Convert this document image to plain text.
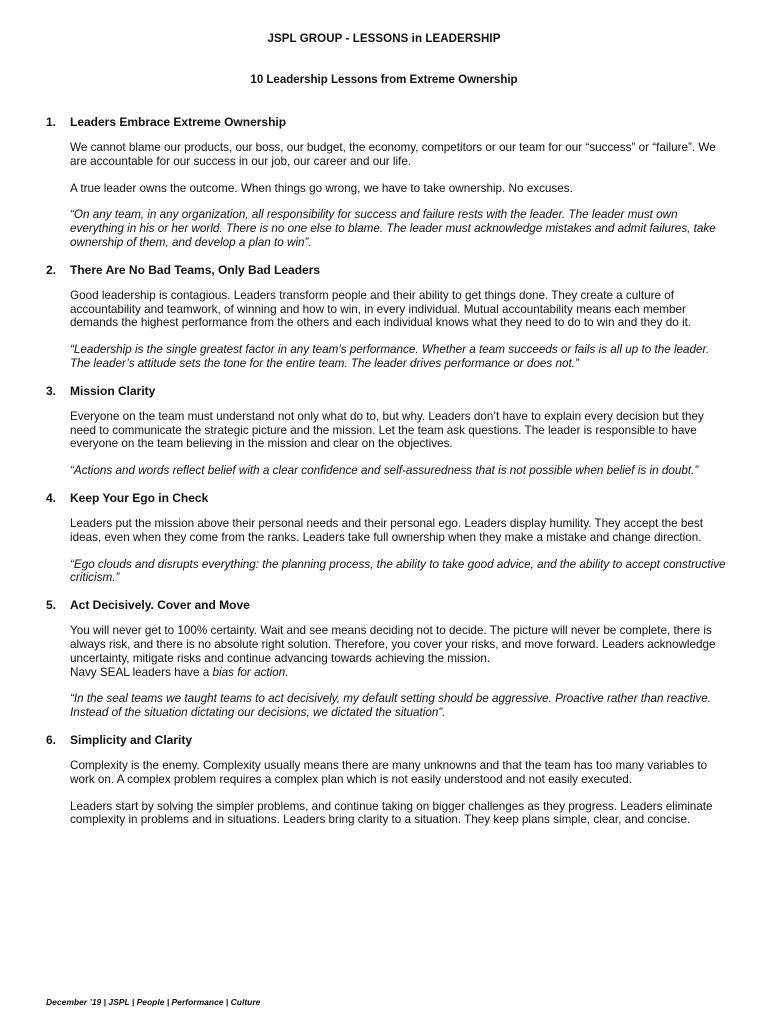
JSPL GROUP - LESSONS in LEADERSHIP
10 Leadership Lessons from Extreme Ownership
1.	Leaders Embrace Extreme Ownership

We cannot blame our products, our boss, our budget, the economy, competitors or our team for our “success” or “failure”. We are accountable for our success in our job, our career and our life.

A true leader owns the outcome. When things go wrong, we have to take ownership. No excuses.

“On any team, in any organization, all responsibility for success and failure rests with the leader. The leader must own everything in his or her world. There is no one else to blame. The leader must acknowledge mistakes and admit failures, take ownership of them, and develop a plan to win”.

2.	There Are No Bad Teams, Only Bad Leaders

Good leadership is contagious. Leaders transform people and their ability to get things done. They create a culture of accountability and teamwork, of winning and how to win, in every individual. Mutual accountability means each member demands the highest performance from the others and each individual knows what they need to do to win and they do it.

“Leadership is the single greatest factor in any team’s performance. Whether a team succeeds or fails is all up to the leader. The leader’s attitude sets the tone for the entire team. The leader drives performance or does not.”

3.	Mission Clarity

Everyone on the team must understand not only what do to, but why. Leaders don’t have to explain every decision but they need to communicate the strategic picture and the mission. Let the team ask questions. The leader is responsible to have everyone on the team believing in the mission and clear on the objectives.

“Actions and words reflect belief with a clear confidence and self-assuredness that is not possible when belief is in doubt.”

4.	Keep Your Ego in Check

Leaders put the mission above their personal needs and their personal ego. Leaders display humility. They accept the best ideas, even when they come from the ranks. Leaders take full ownership when they make a mistake and change direction.

“Ego clouds and disrupts everything: the planning process, the ability to take good advice, and the ability to accept constructive criticism.”

5.	Act Decisively. Cover and Move

You will never get to 100% certainty. Wait and see means deciding not to decide. The picture will never be complete, there is always risk, and there is no absolute right solution. Therefore, you cover your risks, and move forward. Leaders acknowledge uncertainty, mitigate risks and continue advancing towards achieving the mission.
Navy SEAL leaders have a bias for action.

“In the seal teams we taught teams to act decisively, my default setting should be aggressive. Proactive rather than reactive. Instead of the situation dictating our decisions, we dictated the situation”.

6.	Simplicity and Clarity

Complexity is the enemy. Complexity usually means there are many unknowns and that the team has too many variables to work on. A complex problem requires a complex plan which is not easily understood and not easily executed.

Leaders start by solving the simpler problems, and continue taking on bigger challenges as they progress. Leaders eliminate complexity in problems and in situations. Leaders bring clarity to a situation. They keep plans simple, clear, and concise.

December ’19 | JSPL | People | Performance | Culture
